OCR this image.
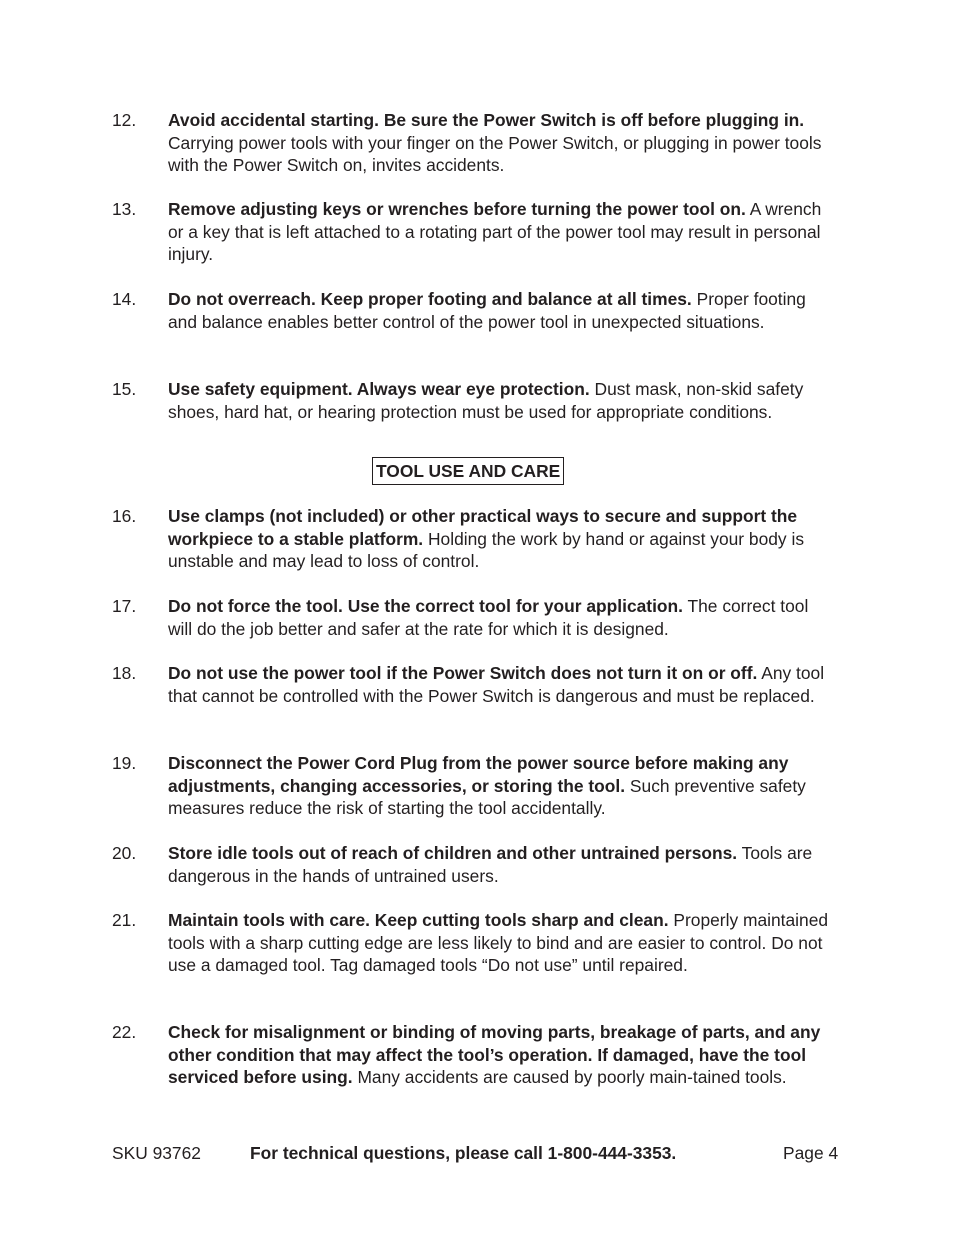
12.	Avoid accidental starting. Be sure the Power Switch is off before plugging in. Carrying power tools with your finger on the Power Switch, or plugging in power tools with the Power Switch on, invites accidents.
13.	Remove adjusting keys or wrenches before turning the power tool on. A wrench or a key that is left attached to a rotating part of the power tool may result in personal injury.
14.	Do not overreach. Keep proper footing and balance at all times. Proper footing and balance enables better control of the power tool in unexpected situations.
15.	Use safety equipment. Always wear eye protection. Dust mask, non-skid safety shoes, hard hat, or hearing protection must be used for appropriate conditions.
TOOL USE AND CARE
16.	Use clamps (not included) or other practical ways to secure and support the workpiece to a stable platform. Holding the work by hand or against your body is unstable and may lead to loss of control.
17.	Do not force the tool. Use the correct tool for your application. The correct tool will do the job better and safer at the rate for which it is designed.
18.	Do not use the power tool if the Power Switch does not turn it on or off. Any tool that cannot be controlled with the Power Switch is dangerous and must be replaced.
19.	Disconnect the Power Cord Plug from the power source before making any adjustments, changing accessories, or storing the tool. Such preventive safety measures reduce the risk of starting the tool accidentally.
20.	Store idle tools out of reach of children and other untrained persons. Tools are dangerous in the hands of untrained users.
21.	Maintain tools with care. Keep cutting tools sharp and clean. Properly maintained tools with a sharp cutting edge are less likely to bind and are easier to control. Do not use a damaged tool. Tag damaged tools “Do not use” until repaired.
22.	Check for misalignment or binding of moving parts, breakage of parts, and any other condition that may affect the tool’s operation. If damaged, have the tool serviced before using. Many accidents are caused by poorly main-tained tools.
SKU 93762	For technical questions, please call 1-800-444-3353.	Page 4
